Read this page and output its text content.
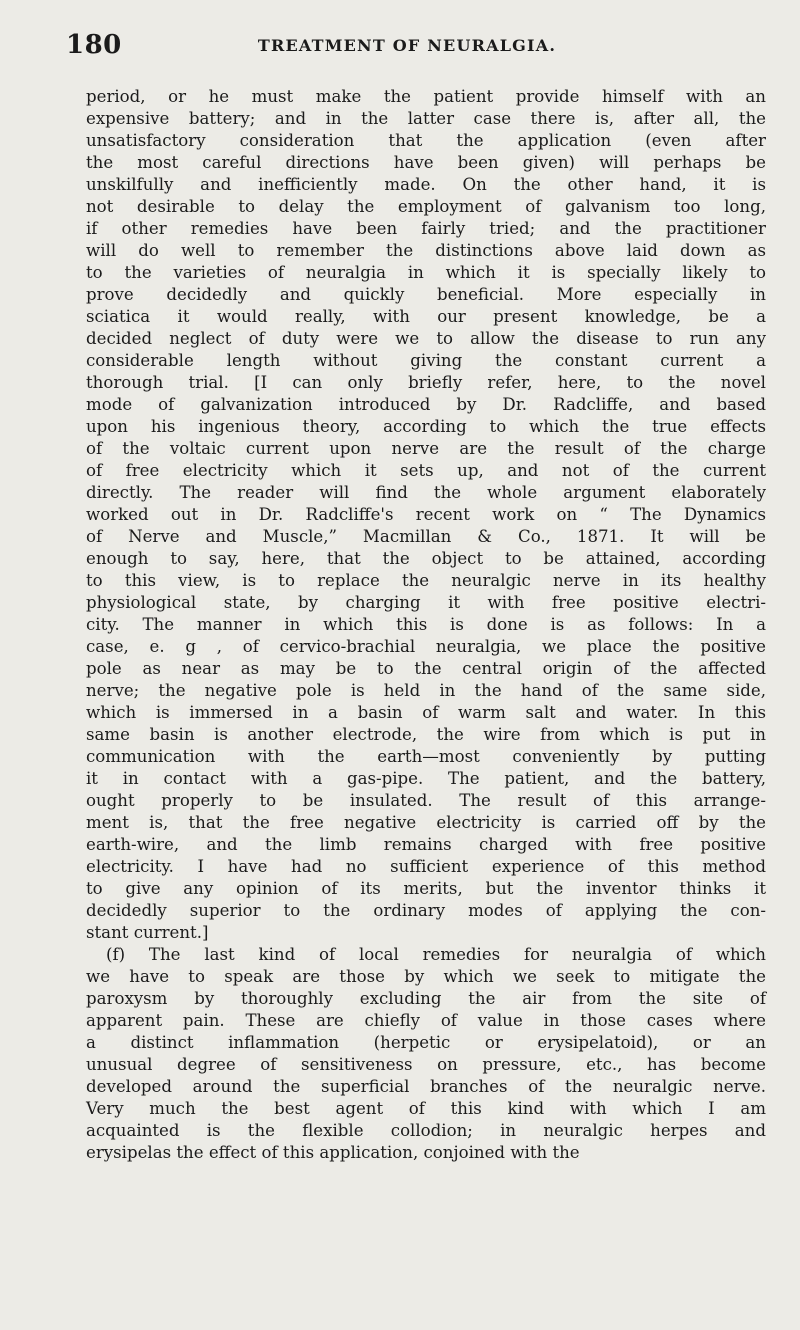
180	TREATMENT OF NEURALGIA.
period, or he must make the patient provide himself with an
expensive battery; and in the latter case there is, after all, the
unsatisfactory consideration that the application (even after
the most careful directions have been given) will perhaps be
unskilfully and inefficiently made. On the other hand, it is
not desirable to delay the employment of galvanism too long,
if other remedies have been fairly tried; and the practitioner
will do well to remember the distinctions above laid down as
to the varieties of neuralgia in which it is specially likely to
prove decidedly and quickly beneficial. More especially in
sciatica it would really, with our present knowledge, be a
decided neglect of duty were we to allow the disease to run any
considerable length without giving the constant current a
thorough trial. [I can only briefly refer, here, to the novel
mode of galvanization introduced by Dr. Radcliffe, and based
upon his ingenious theory, according to which the true effects
of the voltaic current upon nerve are the result of the charge
of free electricity which it sets up, and not of the current
directly. The reader will find the whole argument elaborately
worked out in Dr. Radcliffe's recent work on “ The Dynamics
of Nerve and Muscle,” Macmillan & Co., 1871. It will be
enough to say, here, that the object to be attained, according
to this view, is to replace the neuralgic nerve in its healthy
physiological state, by charging it with free positive electri-
city. The manner in which this is done is as follows: In a
case, e. g , of cervico-brachial neuralgia, we place the positive
pole as near as may be to the central origin of the affected
nerve; the negative pole is held in the hand of the same side,
which is immersed in a basin of warm salt and water. In this
same basin is another electrode, the wire from which is put in
communication with the earth—most conveniently by putting
it in contact with a gas-pipe. The patient, and the battery,
ought properly to be insulated. The result of this arrange-
ment is, that the free negative electricity is carried off by the
earth-wire, and the limb remains charged with free positive
electricity. I have had no sufficient experience of this method
to give any opinion of its merits, but the inventor thinks it
decidedly superior to the ordinary modes of applying the con-
stant current.]
(f) The last kind of local remedies for neuralgia of which
we have to speak are those by which we seek to mitigate the
paroxysm by thoroughly excluding the air from the site of
apparent pain. These are chiefly of value in those cases where
a distinct inflammation (herpetic or erysipelatoid), or an
unusual degree of sensitiveness on pressure, etc., has become
developed around the superficial branches of the neuralgic nerve.
Very much the best agent of this kind with which I am
acquainted is the flexible collodion; in neuralgic herpes and
erysipelas the effect of this application, conjoined with the
